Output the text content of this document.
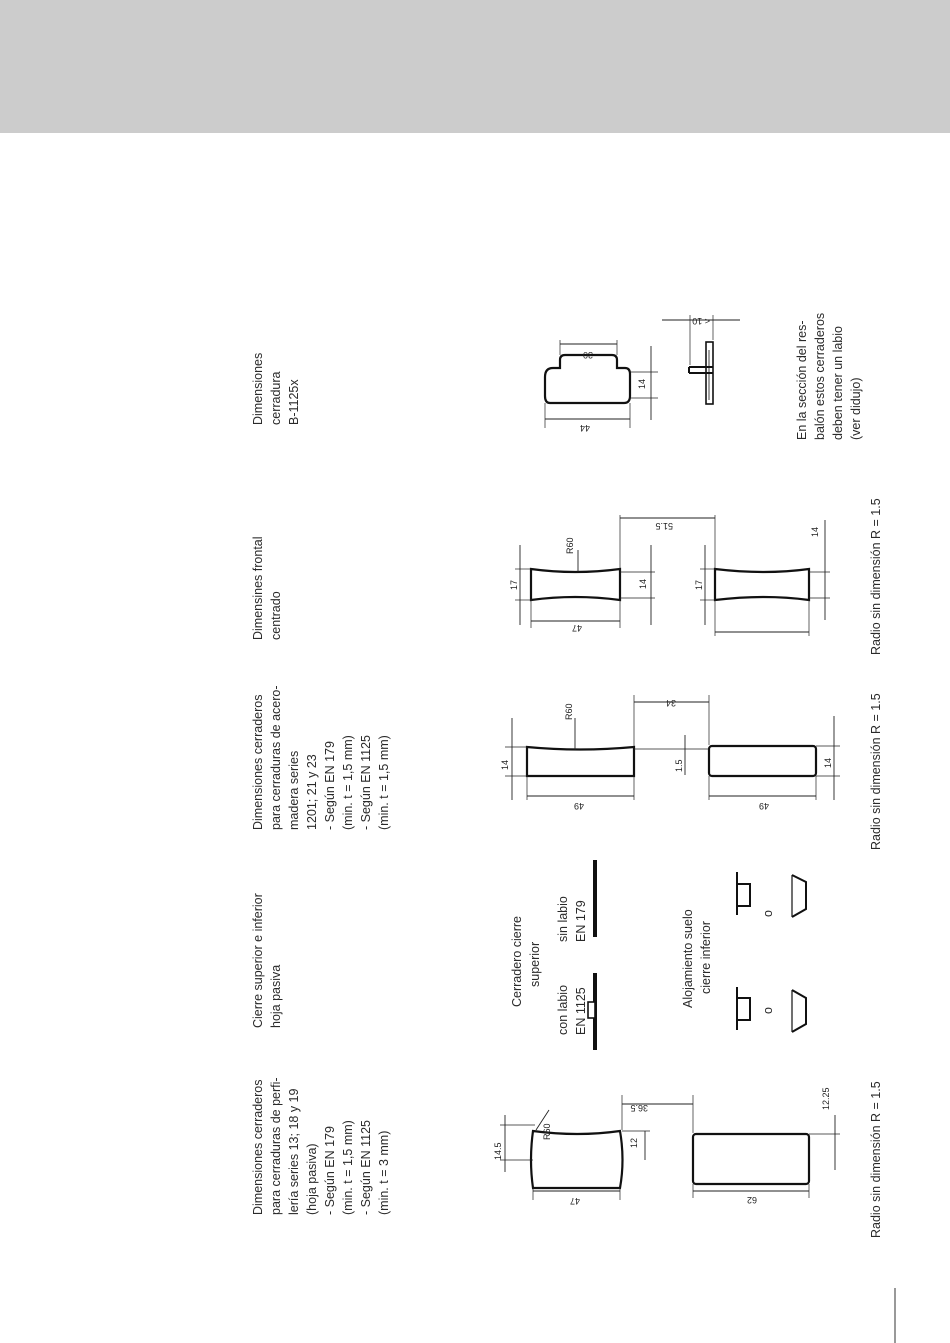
Dimensiones cerraderos para cerraduras de perfi- lería series 13; 18 y 19 (hoja pasiva) - Según EN 179 (min. t = 1,5 mm) - Según EN 1125 (min. t = 3 mm)
Cierre superior e inferior hoja pasiva
Dimensiones cerraderos para cerraduras de acero- madera series 1201; 21 y 23 - Según EN 179 (min. t = 1,5 mm) - Según EN 1125 (min. t = 1,5 mm)
Dimensines frontal centrado
Dimensiones cerradura B-1125x
14.5
R60
12
36.5	12.25
47	62	Radio sin dimensión R = 1.5
Cerradero cierre superior
con labio EN 1125
sin labio EN 179	Alojamiento suelo cierre inferior
o
o
14
R60
34
1.5	14
49	49	Radio sin dimensión R = 1.5
17
R60
14
51.5
17
14
47	Radio sin dimensión R = 1.5
30
14
44
< 10	En la sección del res- balón estos cerraderos deben tener un labio (ver didujo)
